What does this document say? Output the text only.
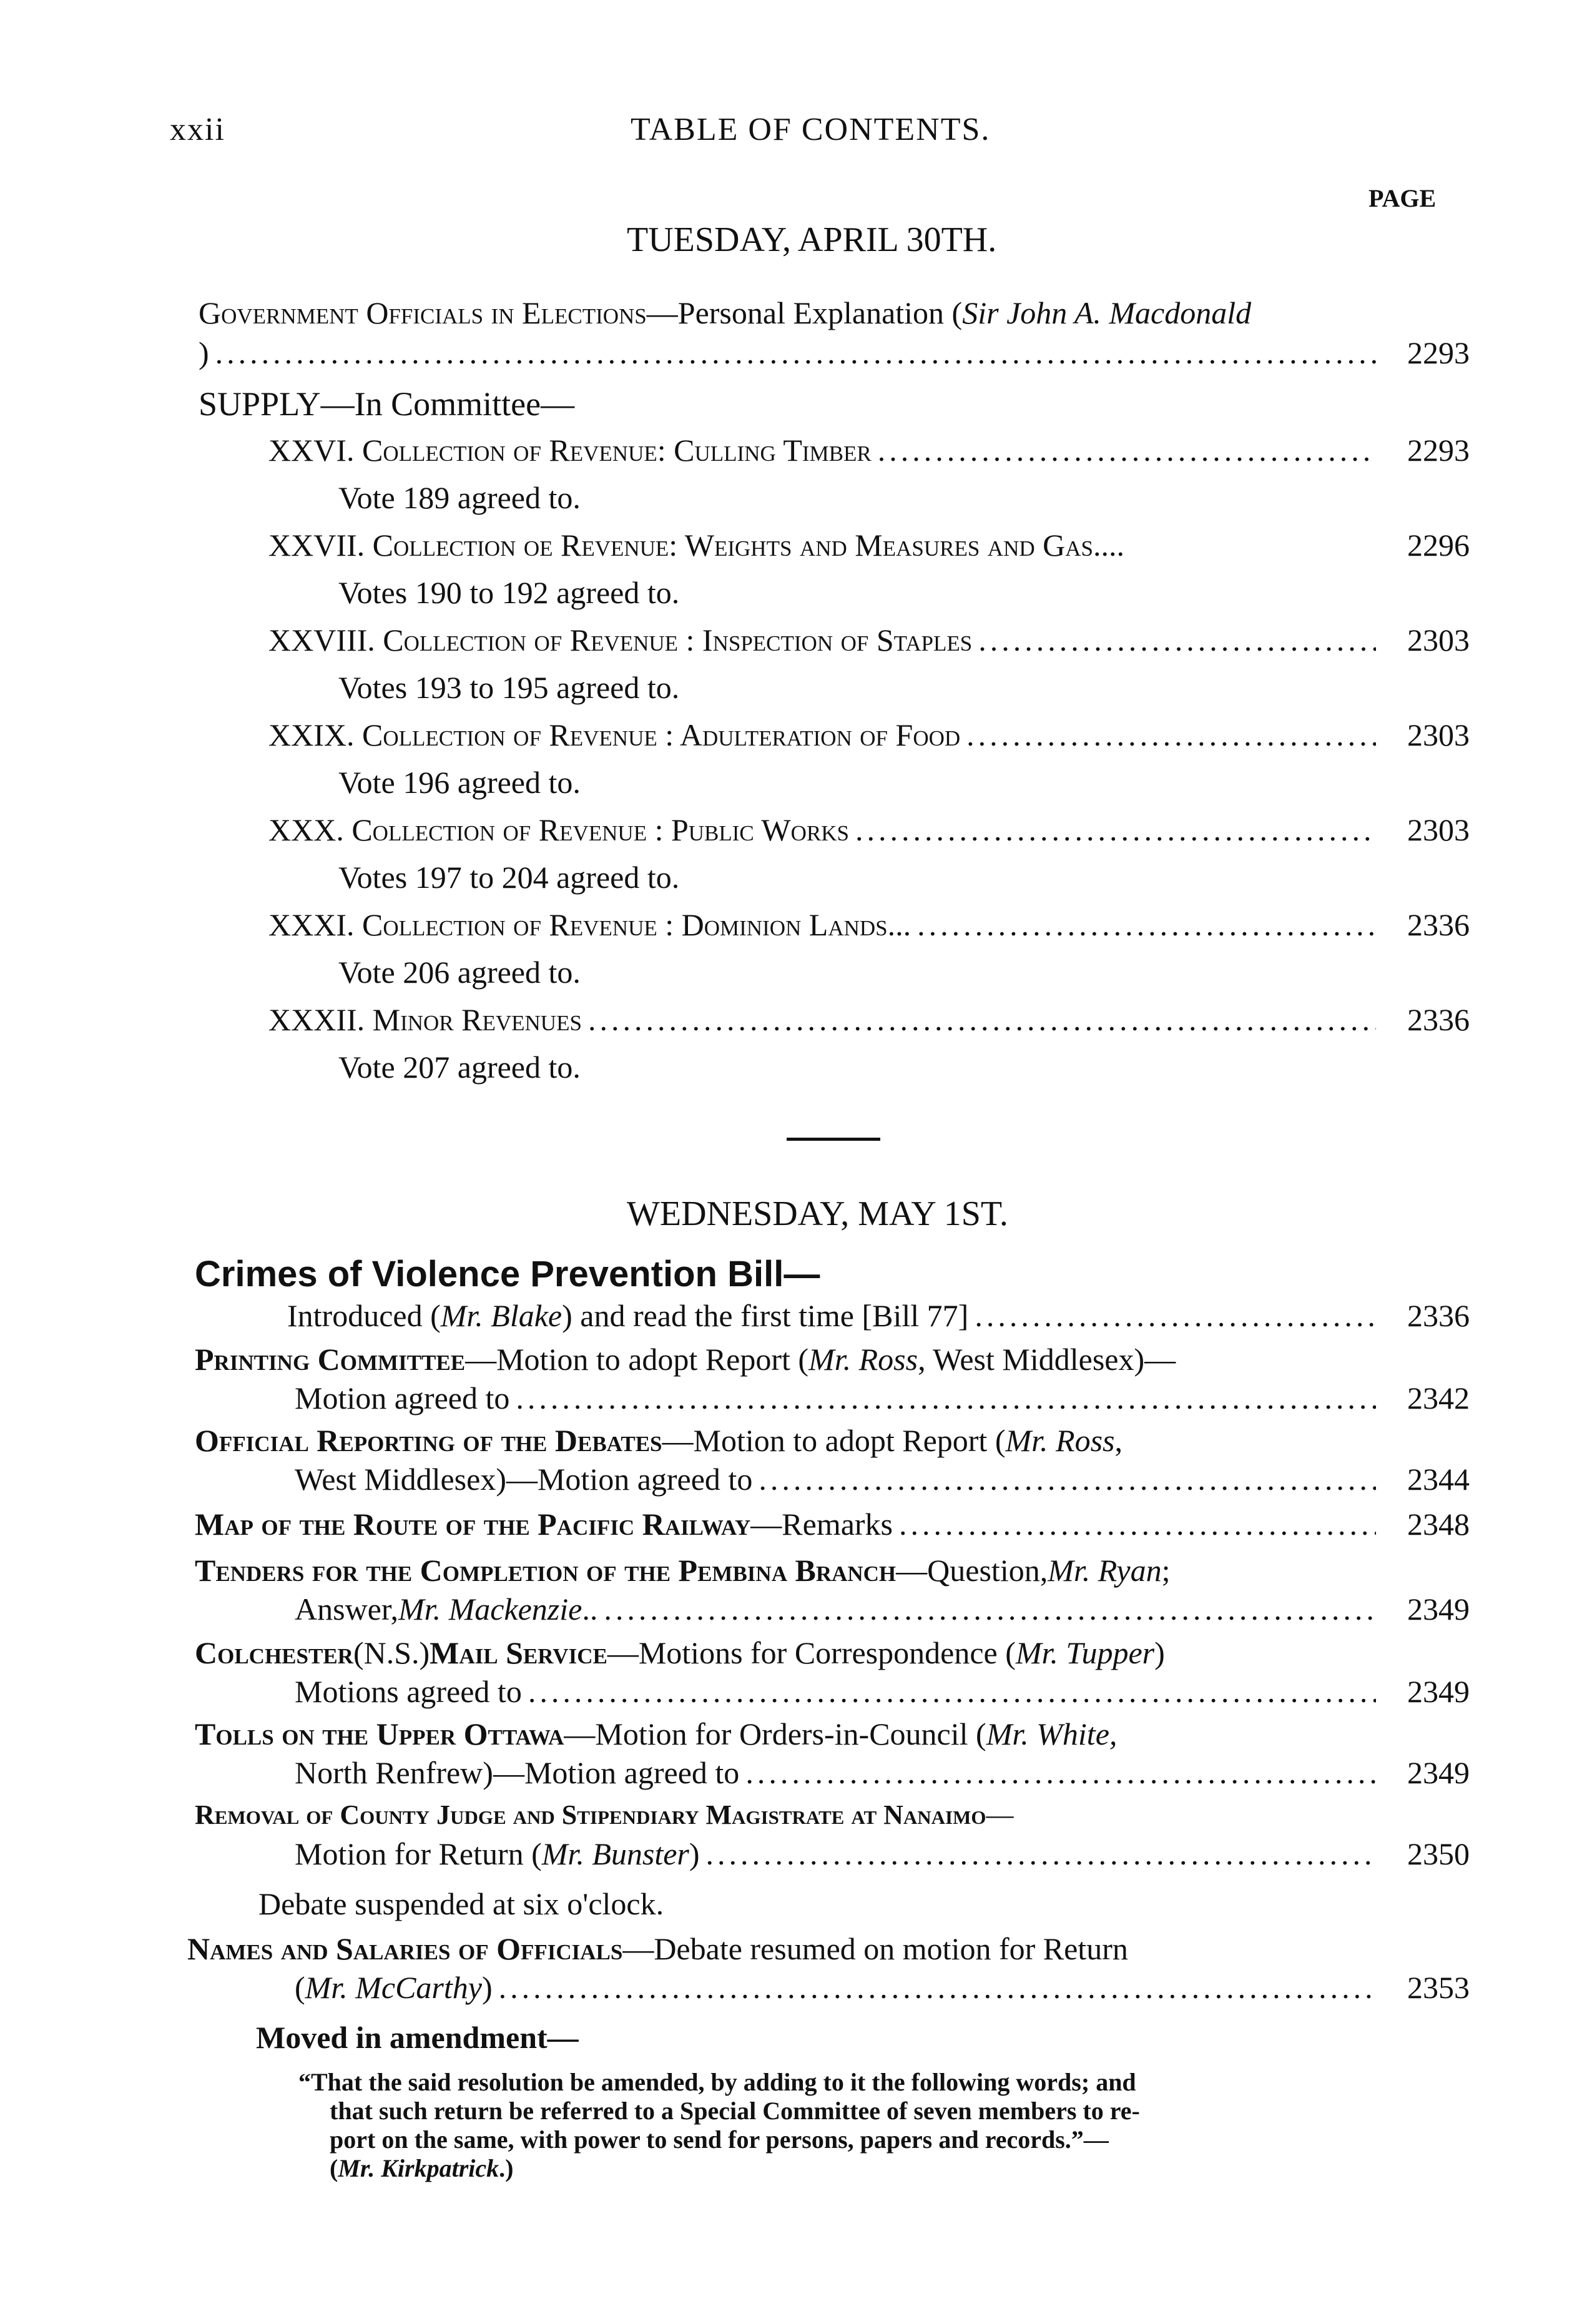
xxii	TABLE OF CONTENTS.
PAGE
TUESDAY, APRIL 30TH.
Government Officials in Elections —Personal Explanation ( Sir John A. Macdonald
) .....	2293
SUPPLY—In Committee—
XXVI.
Collection of Revenue: Culling Timber .....	2293
Vote 189 agreed to.
XXVII.
Collection oe Revenue: Weights and Measures and Gas....	2296
Votes 190 to 192 agreed to.
XXVIII.
Collection of Revenue : Inspection of Staples .....	2303
Votes 193 to 195 agreed to.
XXIX.
Collection of Revenue : Adulteration of Food .....	2303
Vote 196 agreed to.
XXX.
Collection of Revenue : Public Works .....	2303
Votes 197 to 204 agreed to.
XXXI.
Collection of Revenue : Dominion Lands... .....	2336
Vote 206 agreed to.
XXXII.
Minor Revenues .....	2336
Vote 207 agreed to.
WEDNESDAY, MAY 1ST.
Crimes of Violence Prevention Bill—
Introduced ( Mr. Blake ) and read the first time [Bill 77] .....	2336
Printing Committee —Motion to adopt Report ( Mr. Ross , West Middlesex)—
Motion agreed to .....	2342
Official Reporting of the Debates —Motion to adopt Report ( Mr. Ross ,
West Middlesex)—Motion agreed to .....	2344
Map of the Route of the Pacific Railway —Remarks .....	2348
Tenders for the Completion of the Pembina Branch —Question, Mr. Ryan ;
Answer, Mr. Mackenzie .. .....	2349
Colchester (N.S.) Mail Service —Motions for Correspondence ( Mr. Tupper )
Motions agreed to .....	2349
Tolls on the Upper Ottawa —Motion for Orders-in-Council ( Mr. White,
North Renfrew)—Motion agreed to .....	2349
Removal of County Judge and Stipendiary Magistrate at Nanaimo —
Motion for Return ( Mr. Bunster ) .....	2350
Debate suspended at six o'clock.
Names and Salaries of Officials —Debate resumed on motion for Return
( Mr. McCarthy ) .....	2353
Moved in amendment—
“That the said resolution be amended, by adding to it the following words; and
that such return be referred to a Special Committee of seven members to re-
port on the same, with power to send for persons, papers and records.”—
(Mr. Kirkpatrick.)
